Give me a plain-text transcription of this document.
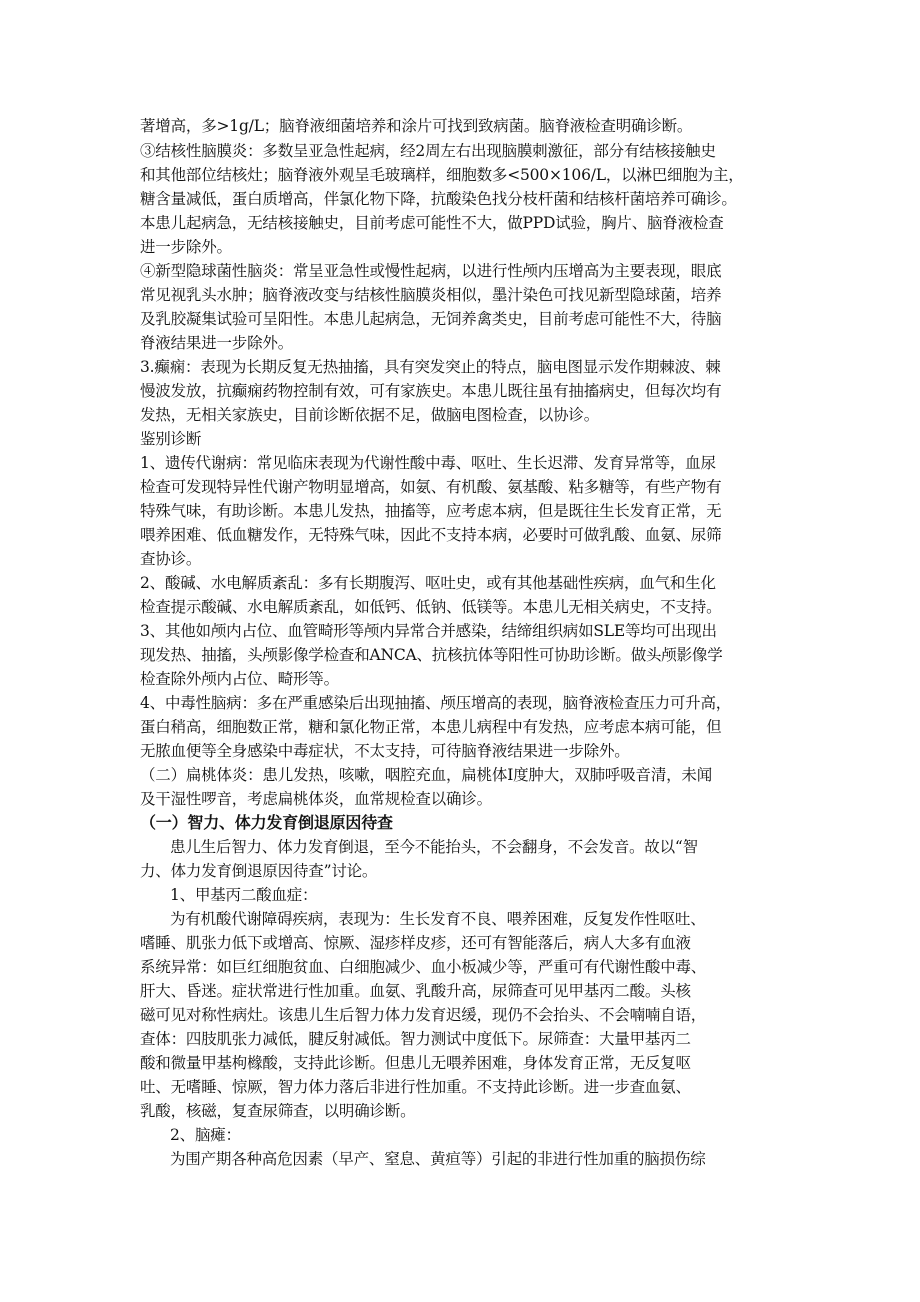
著增高，多>1g/L；脑脊液细菌培养和涂片可找到致病菌。脑脊液检查明确诊断。
③结核性脑膜炎：多数呈亚急性起病，经2周左右出现脑膜刺激征，部分有结核接触史
和其他部位结核灶；脑脊液外观呈毛玻璃样，细胞数多<500×106/L，以淋巴细胞为主，
糖含量减低，蛋白质增高，伴氯化物下降，抗酸染色找分枝杆菌和结核杆菌培养可确诊。
本患儿起病急，无结核接触史，目前考虑可能性不大，做PPD试验，胸片、脑脊液检查
进一步除外。
④新型隐球菌性脑炎：常呈亚急性或慢性起病，以进行性颅内压增高为主要表现，眼底
常见视乳头水肿；脑脊液改变与结核性脑膜炎相似，墨汁染色可找见新型隐球菌，培养
及乳胶凝集试验可呈阳性。本患儿起病急，无饲养禽类史，目前考虑可能性不大，待脑
脊液结果进一步除外。
3.癫痫：表现为长期反复无热抽搐，具有突发突止的特点，脑电图显示发作期棘波、棘
慢波发放，抗癫痫药物控制有效，可有家族史。本患儿既往虽有抽搐病史，但每次均有
发热，无相关家族史，目前诊断依据不足，做脑电图检查，以协诊。
鉴别诊断
1、遗传代谢病：常见临床表现为代谢性酸中毒、呕吐、生长迟滞、发育异常等，血尿
检查可发现特异性代谢产物明显增高，如氨、有机酸、氨基酸、粘多糖等，有些产物有
特殊气味，有助诊断。本患儿发热，抽搐等，应考虑本病，但是既往生长发育正常，无
喂养困难、低血糖发作，无特殊气味，因此不支持本病，必要时可做乳酸、血氨、尿筛
查协诊。
2、酸碱、水电解质紊乱：多有长期腹泻、呕吐史，或有其他基础性疾病，血气和生化
检查提示酸碱、水电解质紊乱，如低钙、低钠、低镁等。本患儿无相关病史，不支持。
3、其他如颅内占位、血管畸形等颅内异常合并感染，结缔组织病如SLE等均可出现出
现发热、抽搐，头颅影像学检查和ANCA、抗核抗体等阳性可协助诊断。做头颅影像学
检查除外颅内占位、畸形等。
4、中毒性脑病：多在严重感染后出现抽搐、颅压增高的表现，脑脊液检查压力可升高，
蛋白稍高，细胞数正常，糖和氯化物正常，本患儿病程中有发热，应考虑本病可能，但
无脓血便等全身感染中毒症状，不太支持，可待脑脊液结果进一步除外。
（二）扁桃体炎：患儿发热，咳嗽，咽腔充血，扁桃体Ⅰ度肿大，双肺呼吸音清，未闻
及干湿性啰音，考虑扁桃体炎，血常规检查以确诊。
（一）智力、体力发育倒退原因待查
患儿生后智力、体力发育倒退，至今不能抬头，不会翻身，不会发音。故以“智
力、体力发育倒退原因待查”讨论。
1、甲基丙二酸血症：
为有机酸代谢障碍疾病，表现为：生长发育不良、喂养困难，反复发作性呕吐、
嗜睡、肌张力低下或增高、惊厥、湿疹样皮疹，还可有智能落后，病人大多有血液
系统异常：如巨红细胞贫血、白细胞减少、血小板减少等，严重可有代谢性酸中毒、
肝大、昏迷。症状常进行性加重。血氨、乳酸升高，尿筛查可见甲基丙二酸。头核
磁可见对称性病灶。该患儿生后智力体力发育迟缓，现仍不会抬头、不会喃喃自语，
查体：四肢肌张力减低，腱反射减低。智力测试中度低下。尿筛查：大量甲基丙二
酸和微量甲基枸橼酸，支持此诊断。但患儿无喂养困难，身体发育正常，无反复呕
吐、无嗜睡、惊厥，智力体力落后非进行性加重。不支持此诊断。进一步查血氨、
乳酸，核磁，复查尿筛查，以明确诊断。
2、脑瘫：
为围产期各种高危因素（早产、窒息、黄疸等）引起的非进行性加重的脑损伤综
